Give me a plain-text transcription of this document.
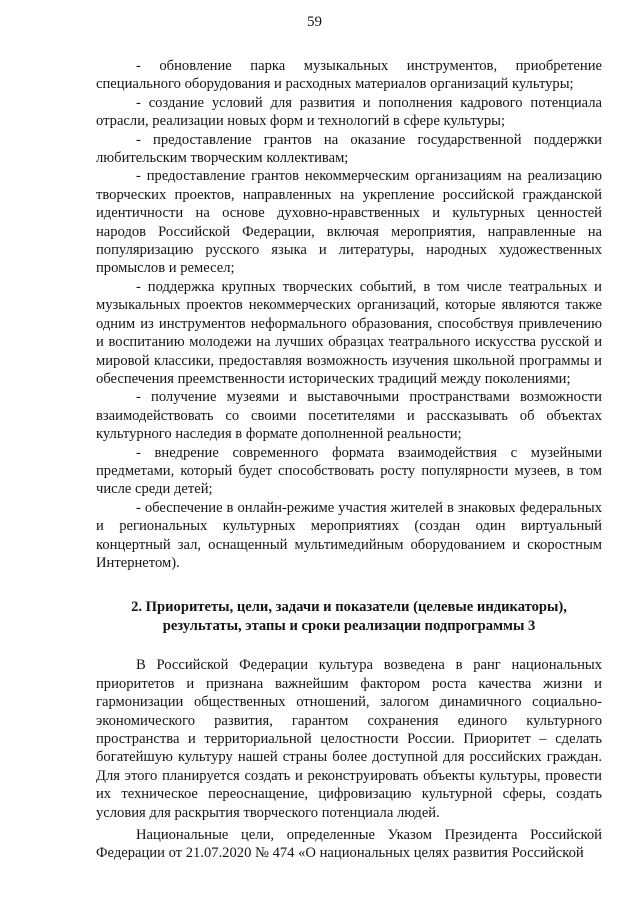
59

- обновление парка музыкальных инструментов, приобретение специального оборудования и расходных материалов организаций культуры;

- создание условий для развития и пополнения кадрового потенциала отрасли, реализации новых форм и технологий в сфере культуры;

- предоставление грантов на оказание государственной поддержки любительским творческим коллективам;

- предоставление грантов некоммерческим организациям на реализацию творческих проектов, направленных на укрепление российской гражданской идентичности на основе духовно-нравственных и культурных ценностей народов Российской Федерации, включая мероприятия, направленные на популяризацию русского языка и литературы, народных художественных промыслов и ремесел;

- поддержка крупных творческих событий, в том числе театральных и музыкальных проектов некоммерческих организаций, которые являются также одним из инструментов неформального образования, способствуя привлечению и воспитанию молодежи на лучших образцах театрального искусства русской и мировой классики, предоставляя возможность изучения школьной программы и обеспечения преемственности исторических традиций между поколениями;

- получение музеями и выставочными пространствами возможности взаимодействовать со своими посетителями и рассказывать об объектах культурного наследия в формате дополненной реальности;

- внедрение современного формата взаимодействия с музейными предметами, который будет способствовать росту популярности музеев, в том числе среди детей;

- обеспечение в онлайн-режиме участия жителей в знаковых федеральных и региональных культурных мероприятиях (создан один виртуальный концертный зал, оснащенный мультимедийным оборудованием и скоростным Интернетом).

2. Приоритеты, цели, задачи и показатели (целевые индикаторы), результаты, этапы и сроки реализации подпрограммы 3

В Российской Федерации культура возведена в ранг национальных приоритетов и признана важнейшим фактором роста качества жизни и гармонизации общественных отношений, залогом динамичного социально-экономического развития, гарантом сохранения единого культурного пространства и территориальной целостности России. Приоритет – сделать богатейшую культуру нашей страны более доступной для российских граждан. Для этого планируется создать и реконструировать объекты культуры, провести их техническое переоснащение, цифровизацию культурной сферы, создать условия для раскрытия творческого потенциала людей.

Национальные цели, определенные Указом Президента Российской Федерации от 21.07.2020 № 474 «О национальных целях развития Российской
